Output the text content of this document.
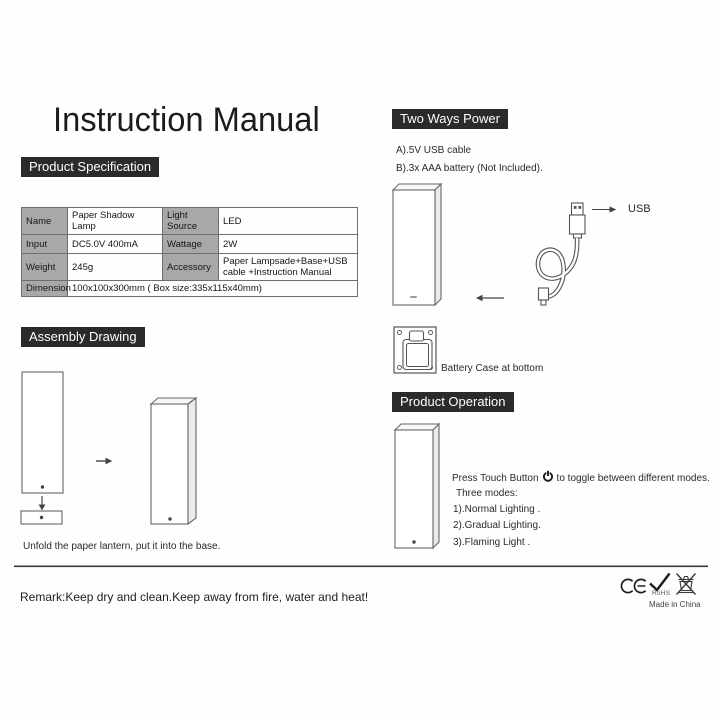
Instruction Manual
Product Specification
Name	Paper Shadow Lamp	Light Source	LED
Input	DC5.0V 400mA	Wattage	2W
Weight	245g	Accessory	Paper Lampsade+Base+USB cable +Instruction Manual
Dimension	100x100x300mm ( Box size:335x115x40mm)		
Assembly Drawing
Unfold the paper lantern, put it into the base.
Two Ways Power
A).5V USB cable
B).3x AAA battery (Not Included).
USB
Battery Case at bottom
Product Operation
Press Touch Button to toggle between different modes.
Three modes:
1).Normal Lighting .
2).Gradual Lighting.
3).Flaming Light .
Remark:Keep dry and clean.Keep away from fire, water and heat!	RoHS
Made in China
